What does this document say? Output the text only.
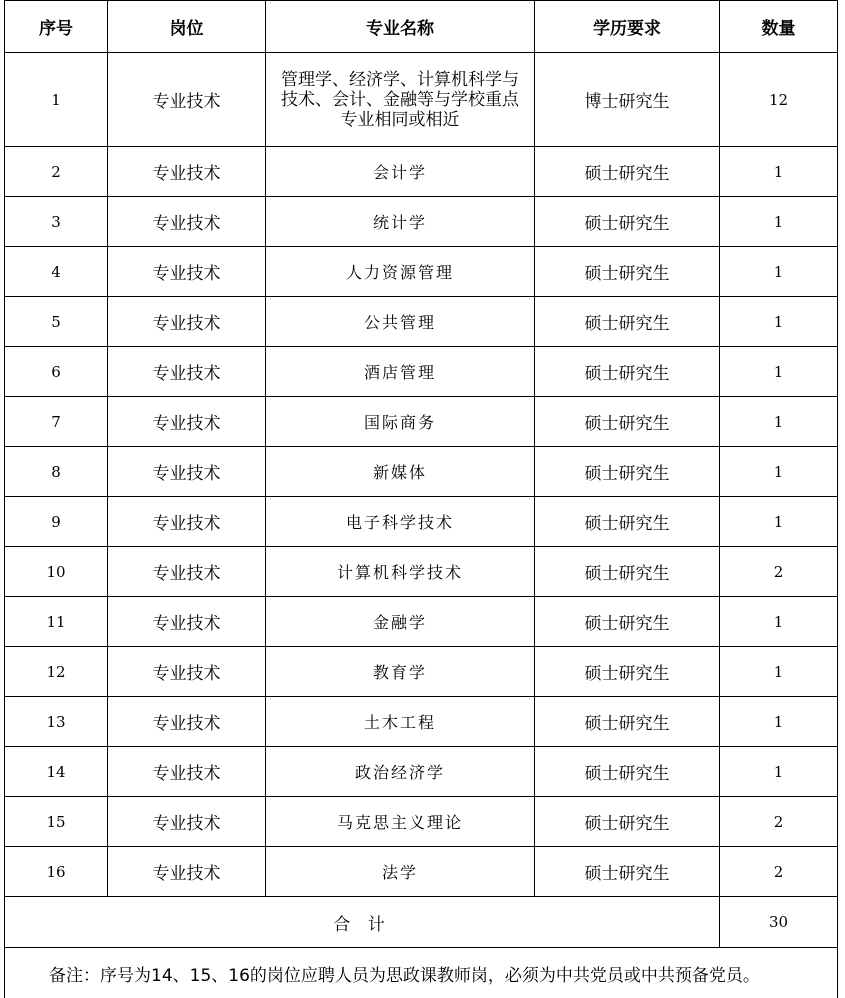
序号	岗位	专业名称	学历要求	数量
1	专业技术	管理学、经济学、计算机科学与技术、会计、金融等与学校重点专业相同或相近	博士研究生	12
2	专业技术	会计学	硕士研究生	1
3	专业技术	统计学	硕士研究生	1
4	专业技术	人力资源管理	硕士研究生	1
5	专业技术	公共管理	硕士研究生	1
6	专业技术	酒店管理	硕士研究生	1
7	专业技术	国际商务	硕士研究生	1
8	专业技术	新媒体	硕士研究生	1
9	专业技术	电子科学技术	硕士研究生	1
10	专业技术	计算机科学技术	硕士研究生	2
11	专业技术	金融学	硕士研究生	1
12	专业技术	教育学	硕士研究生	1
13	专业技术	土木工程	硕士研究生	1
14	专业技术	政治经济学	硕士研究生	1
15	专业技术	马克思主义理论	硕士研究生	2
16	专业技术	法学	硕士研究生	2
合 计				30
备注：序号为14、15、16的岗位应聘人员为思政课教师岗，必须为中共党员或中共预备党员。				
